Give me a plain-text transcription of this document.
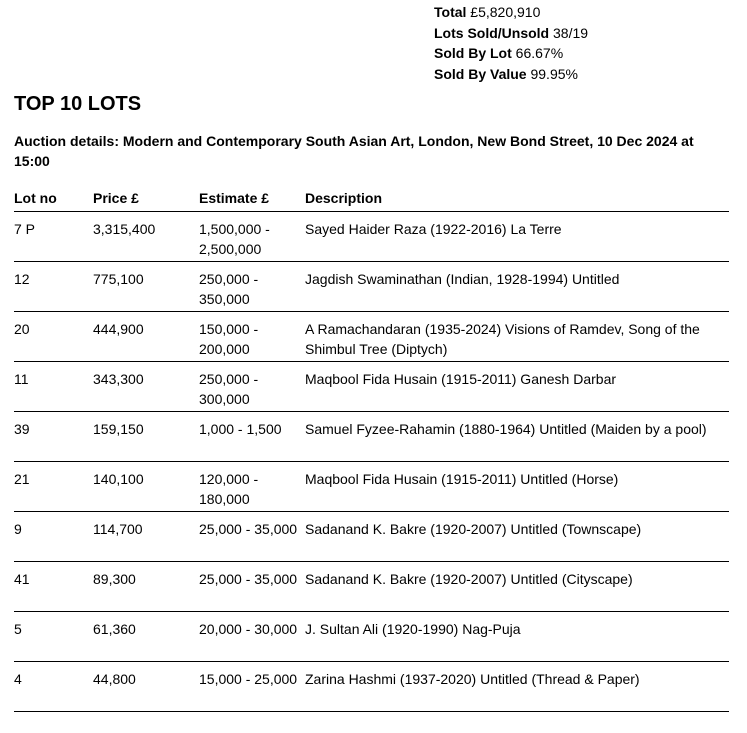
Total £5,820,910
Lots Sold/Unsold 38/19
Sold By Lot 66.67%
Sold By Value 99.95%
TOP 10 LOTS

Auction details: Modern and Contemporary South Asian Art, London, New Bond Street, 10 Dec 2024 at 15:00

Lot no	Price £	Estimate £	Description
7 P	3,315,400	1,500,000 - 2,500,000	Sayed Haider Raza (1922-2016) La Terre
12	775,100	250,000 - 350,000	Jagdish Swaminathan (Indian, 1928-1994) Untitled
20	444,900	150,000 - 200,000	A Ramachandaran (1935-2024) Visions of Ramdev, Song of the Shimbul Tree (Diptych)
11	343,300	250,000 - 300,000	Maqbool Fida Husain (1915-2011) Ganesh Darbar
39	159,150	1,000 - 1,500	Samuel Fyzee-Rahamin (1880-1964) Untitled (Maiden by a pool)
21	140,100	120,000 - 180,000	Maqbool Fida Husain (1915-2011) Untitled (Horse)
9	114,700	25,000 - 35,000	Sadanand K. Bakre (1920-2007) Untitled (Townscape)
41	89,300	25,000 - 35,000	Sadanand K. Bakre (1920-2007) Untitled (Cityscape)
5	61,360	20,000 - 30,000	J. Sultan Ali (1920-1990) Nag-Puja
4	44,800	15,000 - 25,000	Zarina Hashmi (1937-2020) Untitled (Thread & Paper)
